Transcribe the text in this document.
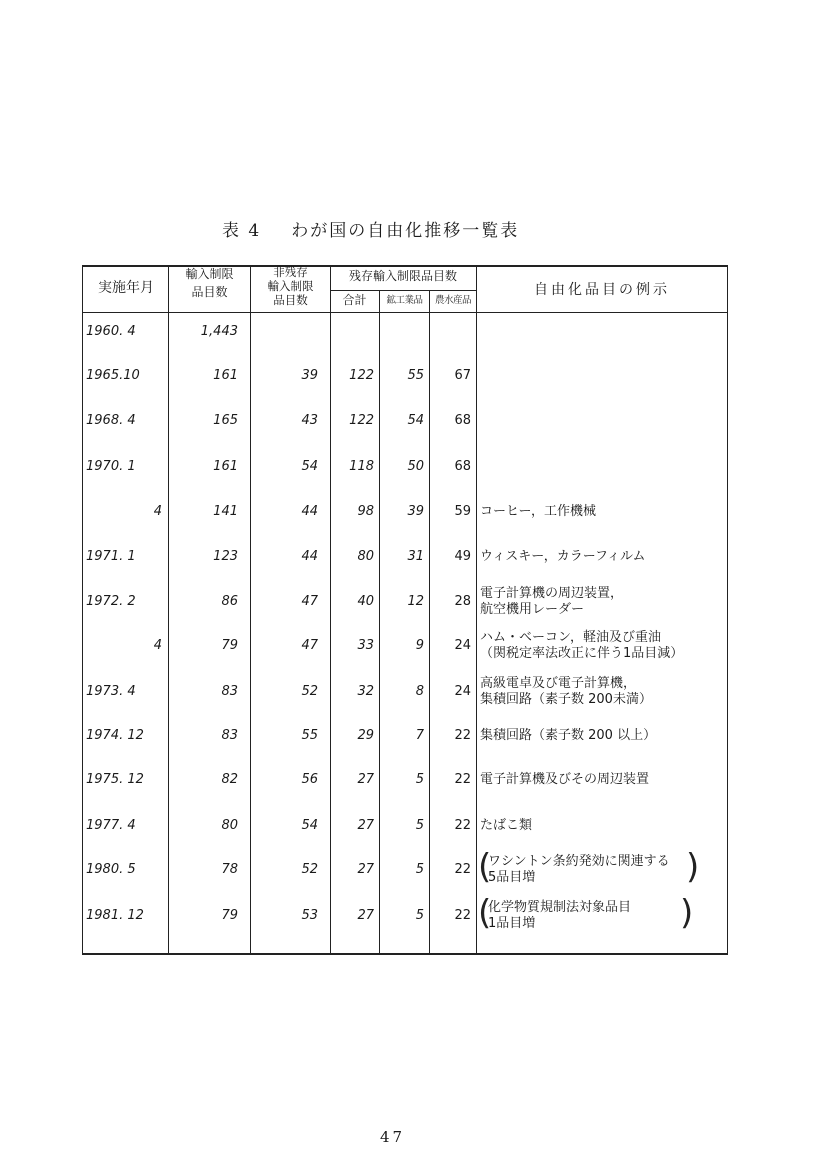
表 4 わが国の自由化推移一覧表
実施年月
輸入制限
品目数
非残存
輸入制限
品目数
残存輸入制限品目数
合計	鉱工業品	農水産品
自由化品目の例示
1960. 4	1,443
1965.10	161	39	122	55	67
1968. 4	165	43	122	54	68
1970. 1	161	54	118	50	68
4	141	44	98	39	59 コーヒー，工作機械
1971. 1	123	44	80	31	49 ウィスキー，カラーフィルム
1972. 2	86	47	40	12	28
電子計算機の周辺装置，
航空機用レーダー
4	79	47	33	9	24
ハム・ベーコン，軽油及び重油
（関税定率法改正に伴う1品目減）
1973. 4	83	52	32	8	24
高級電卓及び電子計算機，
集積回路（素子数 200未満）
1974. 12	83	55	29	7	22 集積回路（素子数 200 以上）
1975. 12	82	56	27	5	22 電子計算機及びその周辺装置
1977. 4	80	54	27	5	22 たばこ類
1980. 5	78	52	27	5	22
ワシントン条約発効に関連する
5品目増
(	)
1981. 12	79	53	27	5	22
化学物質規制法対象品目
1品目増
(	)
47
